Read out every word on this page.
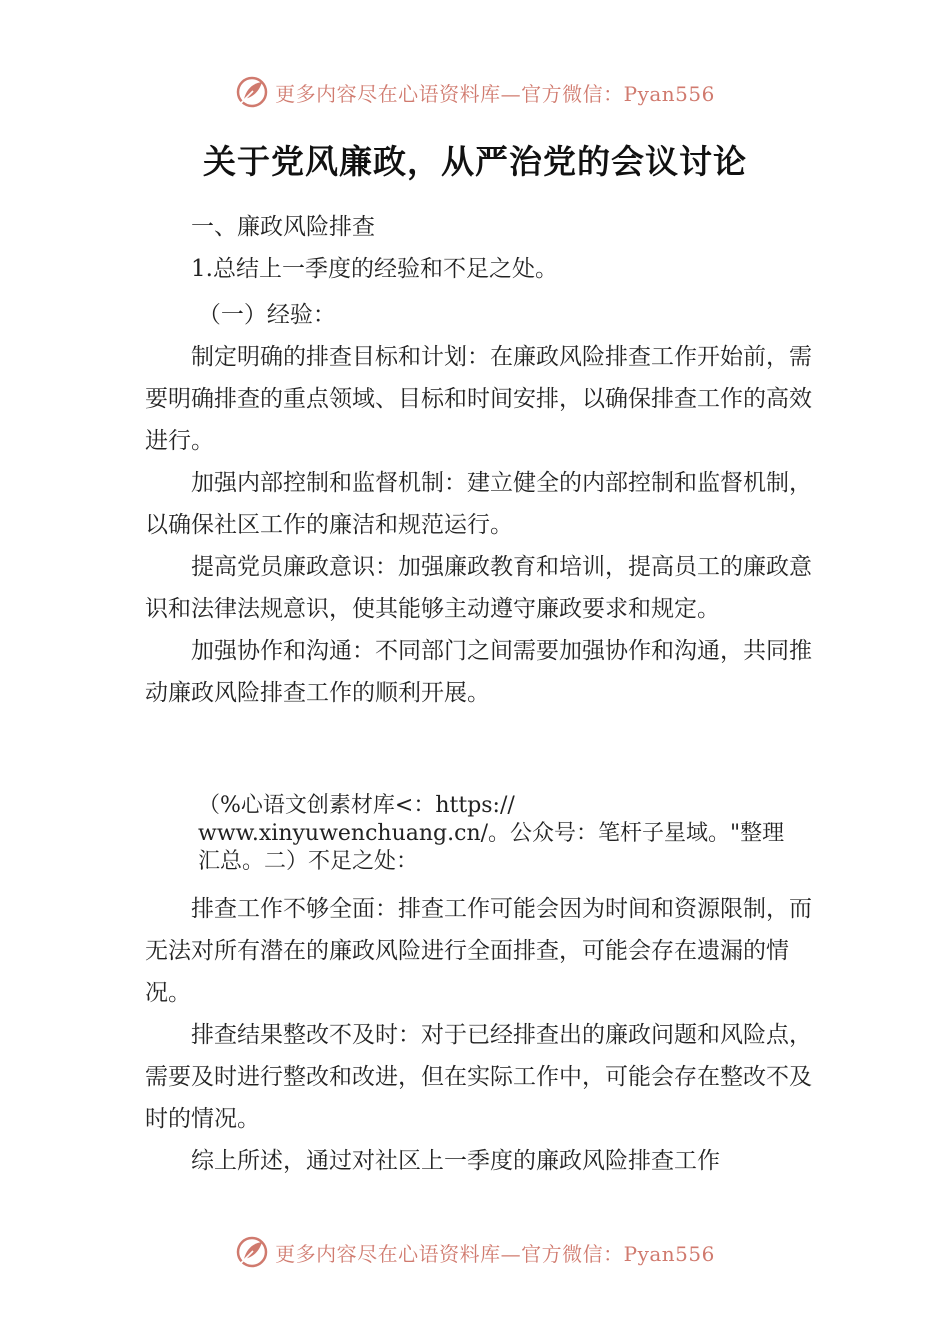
更多内容尽在心语资料库—官方微信：Pyan556
关于党风廉政，从严治党的会议讨论

一、廉政风险排查

1.总结上一季度的经验和不足之处。

（一）经验：

制定明确的排查目标和计划：在廉政风险排查工作开始前，需要明确排查的重点领域、目标和时间安排，以确保排查工作的高效进行。

加强内部控制和监督机制：建立健全的内部控制和监督机制，以确保社区工作的廉洁和规范运行。

提高党员廉政意识：加强廉政教育和培训，提高员工的廉政意识和法律法规意识，使其能够主动遵守廉政要求和规定。

加强协作和沟通：不同部门之间需要加强协作和沟通，共同推动廉政风险排查工作的顺利开展。

（%心语文创素材库<：https://
www.xinyuwenchuang.cn/。公众号：笔杆子星域。"整理
汇总。二）不足之处：

排查工作不够全面：排查工作可能会因为时间和资源限制，而无法对所有潜在的廉政风险进行全面排查，可能会存在遗漏的情况。

排查结果整改不及时：对于已经排查出的廉政问题和风险点，需要及时进行整改和改进，但在实际工作中，可能会存在整改不及时的情况。

综上所述，通过对社区上一季度的廉政风险排查工作

更多内容尽在心语资料库—官方微信：Pyan556
